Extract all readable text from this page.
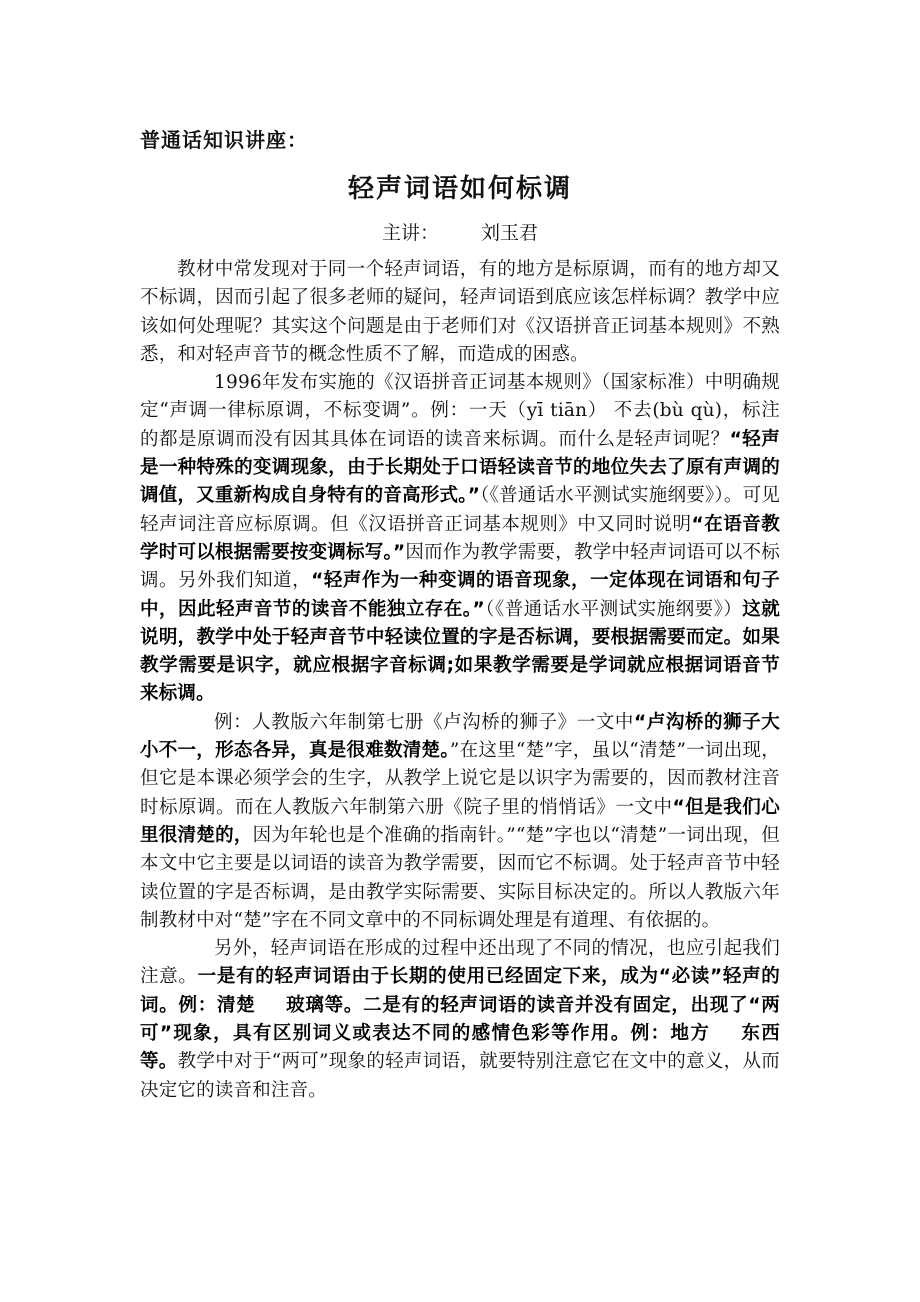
普通话知识讲座：
轻声词语如何标调
主讲： 刘玉君

教材中常发现对于同一个轻声词语，有的地方是标原调，而有的地方却又不标调，因而引起了很多老师的疑问，轻声词语到底应该怎样标调？教学中应该如何处理呢？其实这个问题是由于老师们对《汉语拼音正词基本规则》不熟悉，和对轻声音节的概念性质不了解，而造成的困惑。

1996年发布实施的《汉语拼音正词基本规则》（国家标准）中明确规定“声调一律标原调，不标变调”。例：一天（yī tiān） 不去(bù qù)，标注的都是原调而没有因其具体在词语的读音来标调。而什么是轻声词呢？“轻声是一种特殊的变调现象，由于长期处于口语轻读音节的地位失去了原有声调的调值，又重新构成自身特有的音高形式。”（《普通话水平测试实施纲要》）。可见轻声词注音应标原调。但《汉语拼音正词基本规则》中又同时说明“在语音教学时可以根据需要按变调标写。”因而作为教学需要，教学中轻声词语可以不标调。另外我们知道，“轻声作为一种变调的语音现象，一定体现在词语和句子中，因此轻声音节的读音不能独立存在。”（《普通话水平测试实施纲要》）这就说明，教学中处于轻声音节中轻读位置的字是否标调，要根据需要而定。如果教学需要是识字，就应根据字音标调;如果教学需要是学词就应根据词语音节来标调。

例：人教版六年制第七册《卢沟桥的狮子》一文中“卢沟桥的狮子大小不一，形态各异，真是很难数清楚。”在这里“楚”字，虽以“清楚”一词出现，但它是本课必须学会的生字，从教学上说它是以识字为需要的，因而教材注音时标原调。而在人教版六年制第六册《院子里的悄悄话》一文中“但是我们心里很清楚的，因为年轮也是个准确的指南针。”“楚”字也以“清楚”一词出现，但本文中它主要是以词语的读音为教学需要，因而它不标调。处于轻声音节中轻读位置的字是否标调，是由教学实际需要、实际目标决定的。所以人教版六年制教材中对“楚”字在不同文章中的不同标调处理是有道理、有依据的。

另外，轻声词语在形成的过程中还出现了不同的情况，也应引起我们注意。一是有的轻声词语由于长期的使用已经固定下来，成为“必读”轻声的词。例：清楚 玻璃等。二是有的轻声词语的读音并没有固定，出现了“两可”现象，具有区别词义或表达不同的感情色彩等作用。例：地方 东西等。教学中对于“两可”现象的轻声词语，就要特别注意它在文中的意义，从而决定它的读音和注音。
